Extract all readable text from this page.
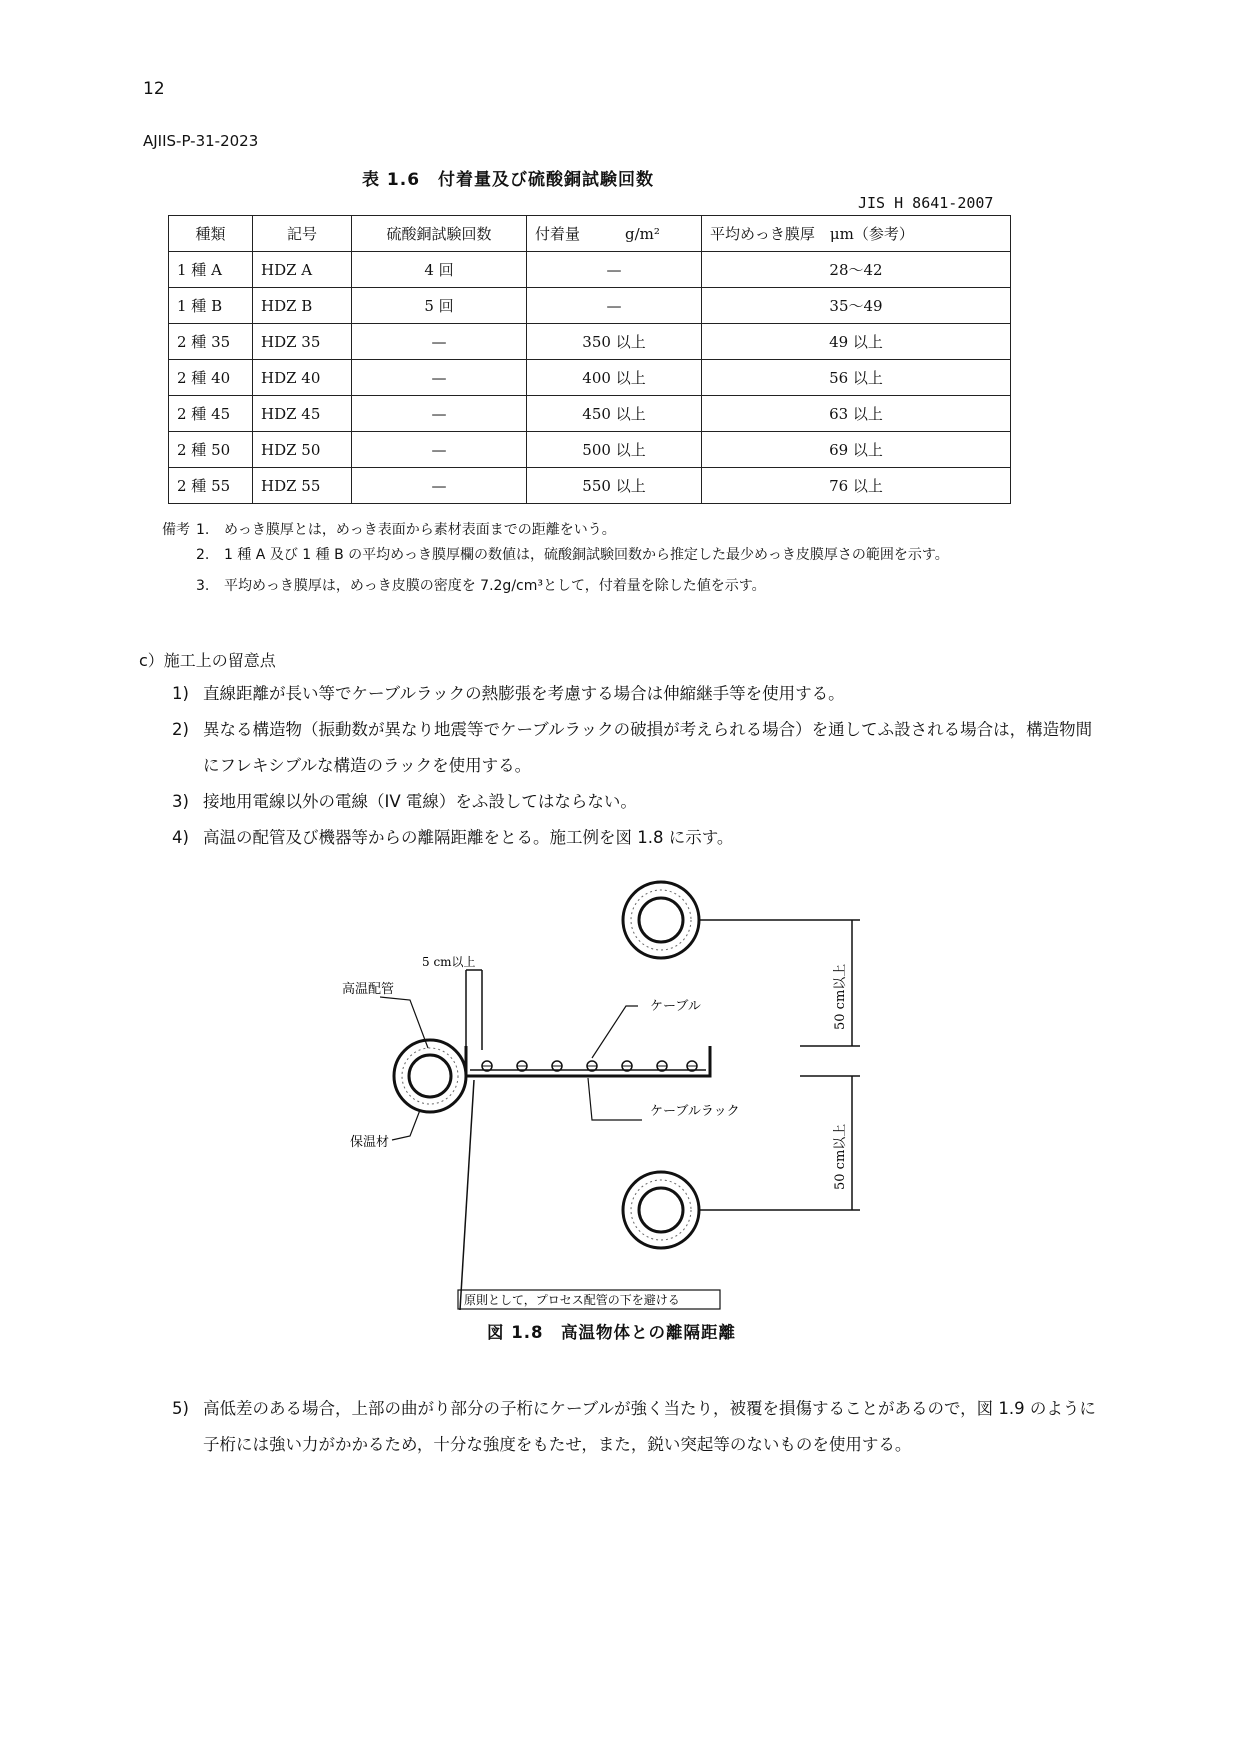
12
AJIIS-P-31-2023
表 1.6　付着量及び硫酸銅試験回数
JIS H 8641-2007
種類	記号	硫酸銅試験回数	付着量　　　g/m²	平均めっき膜厚　μm（参考）
1 種 A	HDZ A	4 回	—	28～42
1 種 B	HDZ B	5 回	—	35～49
2 種 35	HDZ 35	—	350 以上	49 以上
2 種 40	HDZ 40	—	400 以上	56 以上
2 種 45	HDZ 45	—	450 以上	63 以上
2 種 50	HDZ 50	—	500 以上	69 以上
2 種 55	HDZ 55	—	550 以上	76 以上
備考 1. めっき膜厚とは，めっき表面から素材表面までの距離をいう。
2. 1 種 A 及び 1 種 B の平均めっき膜厚欄の数値は，硫酸銅試験回数から推定した最少めっき皮膜厚さの範囲を示す。
3. 平均めっき膜厚は，めっき皮膜の密度を 7.2g/cm³として，付着量を除した値を示す。
c）施工上の留意点
1) 直線距離が長い等でケーブルラックの熱膨張を考慮する場合は伸縮継手等を使用する。
2) 異なる構造物（振動数が異なり地震等でケーブルラックの破損が考えられる場合）を通してふ設される場合は，構造物間にフレキシブルな構造のラックを使用する。
3) 接地用電線以外の電線（IV 電線）をふ設してはならない。
4) 高温の配管及び機器等からの離隔距離をとる。施工例を図 1.8 に示す。
50 cm以上
50 cm以上
高温配管
保温材
5 cm以上
ケーブル
ケーブルラック
原則として，プロセス配管の下を避ける
図 1.8　高温物体との離隔距離
5) 高低差のある場合，上部の曲がり部分の子桁にケーブルが強く当たり，被覆を損傷することがあるので，図 1.9 のように子桁には強い力がかかるため，十分な強度をもたせ，また，鋭い突起等のないものを使用する。
